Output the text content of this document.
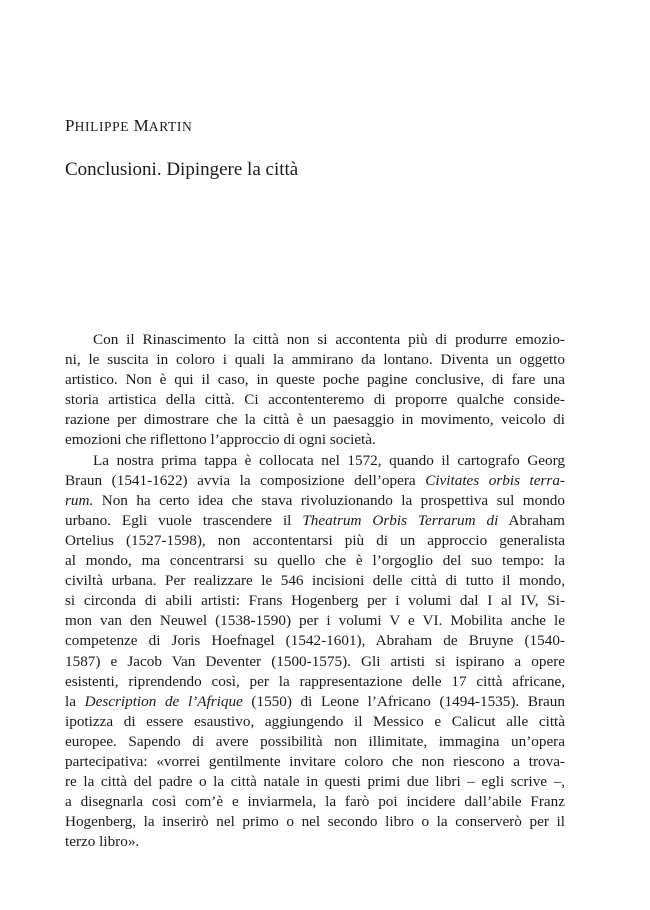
PHILIPPE MARTIN
Conclusioni. Dipingere la città
Con il Rinascimento la città non si accontenta più di produrre emozio-
ni, le suscita in coloro i quali la ammirano da lontano. Diventa un oggetto
artistico. Non è qui il caso, in queste poche pagine conclusive, di fare una
storia artistica della città. Ci accontenteremo di proporre qualche conside-
razione per dimostrare che la città è un paesaggio in movimento, veicolo di
emozioni che riflettono l’approccio di ogni società.
La nostra prima tappa è collocata nel 1572, quando il cartografo Georg
Braun (1541-1622) avvia la composizione dell’opera Civitates orbis terra-
rum. Non ha certo idea che stava rivoluzionando la prospettiva sul mondo
urbano. Egli vuole trascendere il Theatrum Orbis Terrarum di Abraham
Ortelius (1527-1598), non accontentarsi più di un approccio generalista
al mondo, ma concentrarsi su quello che è l’orgoglio del suo tempo: la
civiltà urbana. Per realizzare le 546 incisioni delle città di tutto il mondo,
si circonda di abili artisti: Frans Hogenberg per i volumi dal I al IV, Si-
mon van den Neuwel (1538-1590) per i volumi V e VI. Mobilita anche le
competenze di Joris Hoefnagel (1542-1601), Abraham de Bruyne (1540-
1587) e Jacob Van Deventer (1500-1575). Gli artisti si ispirano a opere
esistenti, riprendendo così, per la rappresentazione delle 17 città africane,
la Description de l’Afrique (1550) di Leone l’Africano (1494-1535). Braun
ipotizza di essere esaustivo, aggiungendo il Messico e Calicut alle città
europee. Sapendo di avere possibilità non illimitate, immagina un’opera
partecipativa: «vorrei gentilmente invitare coloro che non riescono a trova-
re la città del padre o la città natale in questi primi due libri – egli scrive –,
a disegnarla così com’è e inviarmela, la farò poi incidere dall’abile Franz
Hogenberg, la inserirò nel primo o nel secondo libro o la conserverò per il
terzo libro».
